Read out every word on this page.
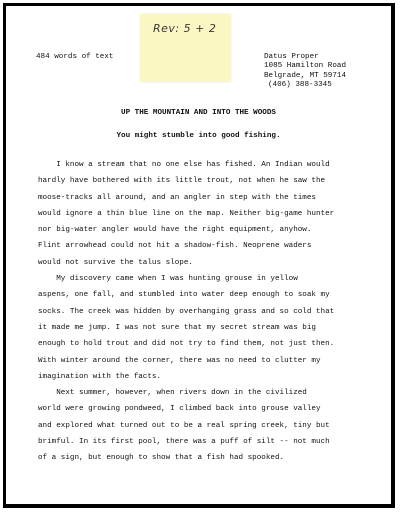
Rev: 5 + 2
484 words of text	Datus Proper
1085 Hamilton Road
Belgrade, MT 59714
(406) 388-3345
UP THE MOUNTAIN AND INTO THE WOODS
You might stumble into good fishing.
I know a stream that no one else has fished. An Indian would
hardly have bothered with its little trout, not when he saw the
moose-tracks all around, and an angler in step with the times
would ignore a thin blue line on the map. Neither big-game hunter
nor big-water angler would have the right equipment, anyhow.
Flint arrowhead could not hit a shadow-fish. Neoprene waders
would not survive the talus slope.
My discovery came when I was hunting grouse in yellow
aspens, one fall, and stumbled into water deep enough to soak my
socks. The creek was hidden by overhanging grass and so cold that
it made me jump. I was not sure that my secret stream was big
enough to hold trout and did not try to find them, not just then.
With winter around the corner, there was no need to clutter my
imagination with the facts.
Next summer, however, when rivers down in the civilized
world were growing pondweed, I climbed back into grouse valley
and explored what turned out to be a real spring creek, tiny but
brimful. In its first pool, there was a puff of silt -- not much
of a sign, but enough to show that a fish had spooked.
